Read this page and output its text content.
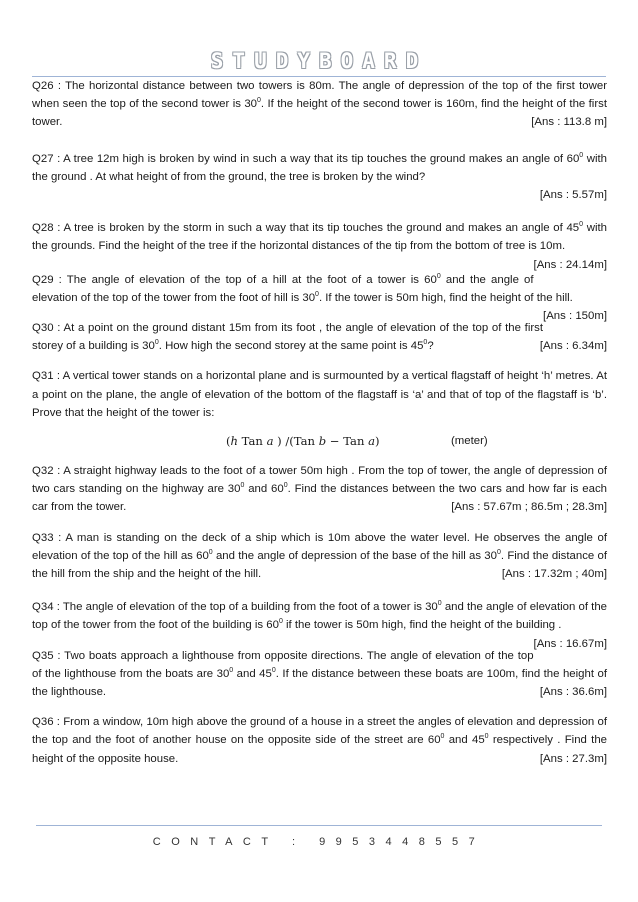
STUDYBOARD

Q26 : The horizontal distance between two towers is 80m. The angle of depression of the top of the first tower when seen the top of the second tower is $30^0$. If the height of the second tower is 160m, find the height of the first tower.	[Ans : 113.8 m]

Q27 : A tree 12m high is broken by wind in such a way that its tip touches the ground makes an angle of $60^0$ with the ground . At what height of from the ground, the tree is broken by the wind?

[Ans : 5.57m]

Q28 : A tree is broken by the storm in such a way that its tip touches the ground and makes an angle of $45^0$ with the grounds. Find the height of the tree if the horizontal distances of the tip from the bottom of tree is 10m.
[Ans : 24.14m]

Q29 : The angle of elevation of the top of a hill at the foot of a tower is $60^0$ and the angle of elevation of the top of the tower from the foot of hill is $30^0$. If the tower is 50m high, find the height of the hill.
[Ans : 150m]

Q30 : At a point on the ground distant 15m from its foot , the angle of elevation of the top of the first storey of a building is $30^0$. How high the second storey at the same point is $45^0$?	[Ans : 6.34m]

Q31 : A vertical tower stands on a horizontal plane and is surmounted by a vertical flagstaff of height ‘h’ metres. At a point on the plane, the angle of elevation of the bottom of the flagstaff is ‘a’ and that of top of the flagstaff is ‘b’. Prove that the height of the tower is:

(ℎ Tan 𝑎 ) /(Tan 𝑏 − Tan 𝑎)	(meter)

Q32 : A straight highway leads to the foot of a tower 50m high . From the top of tower, the angle of depression of two cars standing on the highway are $30^0$ and $60^0$. Find the distances between the two cars and how far is each car from the tower.	[Ans : 57.67m ; 86.5m ; 28.3m]

Q33 : A man is standing on the deck of a ship which is 10m above the water level. He observes the angle of elevation of the top of the hill as $60^0$ and the angle of depression of the base of the hill as $30^0$. Find the distance of the hill from the ship and the height of the hill.	[Ans : 17.32m ; 40m]

Q34 : The angle of elevation of the top of a building from the foot of a tower is $30^0$ and the angle of elevation of the top of the tower from the foot of the building is $60^0$ if the tower is 50m high, find the height of the building .
[Ans : 16.67m]

Q35 : Two boats approach a lighthouse from opposite directions. The angle of elevation of the top of the lighthouse from the boats are $30^0$ and $45^0$. If the distance between these boats are 100m, find the height of the lighthouse.	[Ans : 36.6m]

Q36 : From a window, 10m high above the ground of a house in a street the angles of elevation and depression of the top and the foot of another house on the opposite side of the street are $60^0$ and $45^0$ respectively . Find the height of the opposite house.	[Ans : 27.3m]

CONTACT : 9953448557
